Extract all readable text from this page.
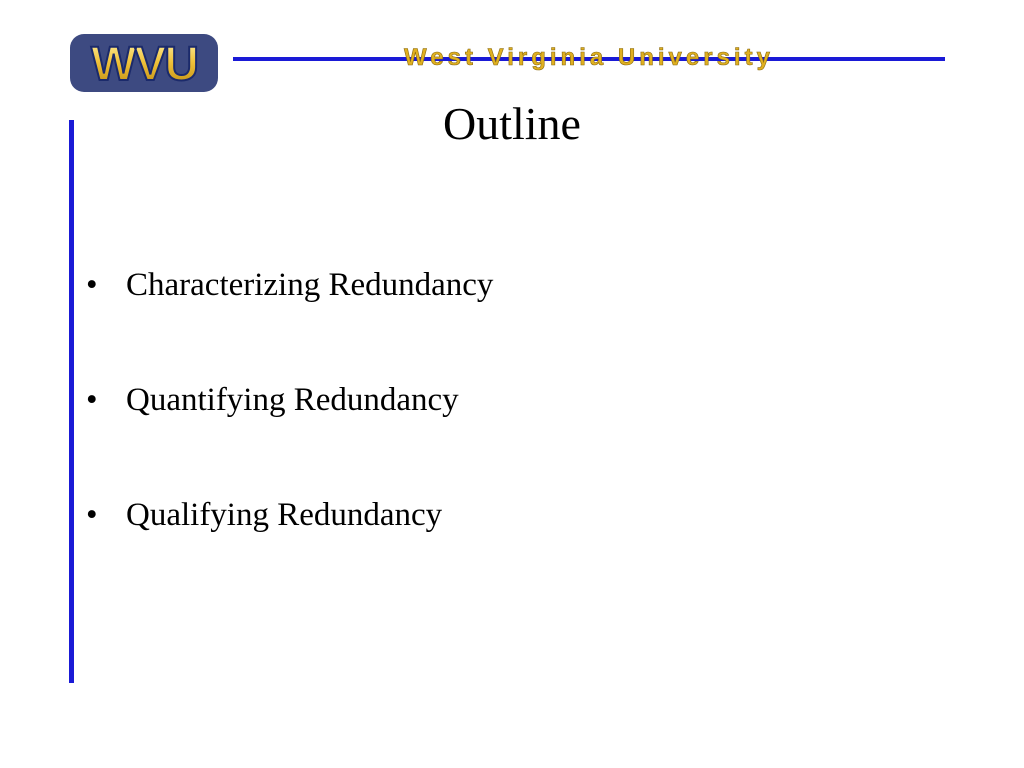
WVU	West Virginia University
Outline
• Characterizing Redundancy
• Quantifying Redundancy
• Qualifying Redundancy
